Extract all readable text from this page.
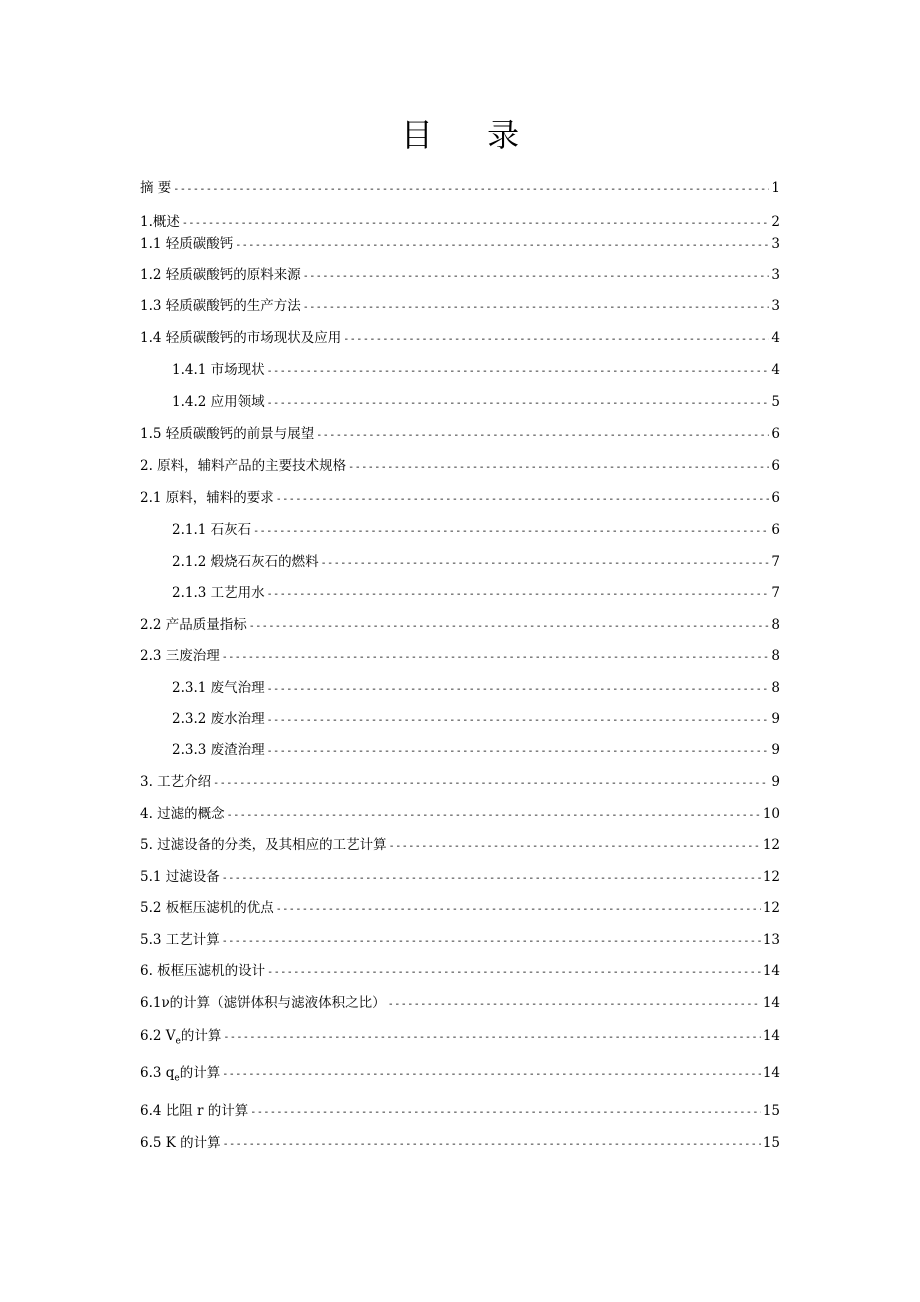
目 录
摘 要 -----	1
1.概述 -----	2
1.1 轻质碳酸钙 -----	3
1.2 轻质碳酸钙的原料来源 -----	3
1.3 轻质碳酸钙的生产方法 -----	3
1.4 轻质碳酸钙的市场现状及应用 -----	4
1.4.1 市场现状 -----	4
1.4.2 应用领域 -----	5
1.5 轻质碳酸钙的前景与展望 -----	6
2. 原料，辅料产品的主要技术规格 -----	6
2.1 原料，辅料的要求 -----	6
2.1.1 石灰石 -----	6
2.1.2 煅烧石灰石的燃料 -----	7
2.1.3 工艺用水 -----	7
2.2 产品质量指标 -----	8
2.3 三废治理 -----	8
2.3.1 废气治理 -----	8
2.3.2 废水治理 -----	9
2.3.3 废渣治理 -----	9
3. 工艺介绍 -----	9
4. 过滤的概念 -----	10
5. 过滤设备的分类，及其相应的工艺计算 -----	12
5.1 过滤设备 -----	12
5.2 板框压滤机的优点 -----	12
5.3 工艺计算 -----	13
6. 板框压滤机的设计 -----	14
6.1ν的计算（滤饼体积与滤液体积之比） -----	14
6.2 $V_e$的计算 -----	14
6.3 $q_e$的计算 -----	14
6.4 比阻 r 的计算 -----	15
6.5 K 的计算 -----	15
